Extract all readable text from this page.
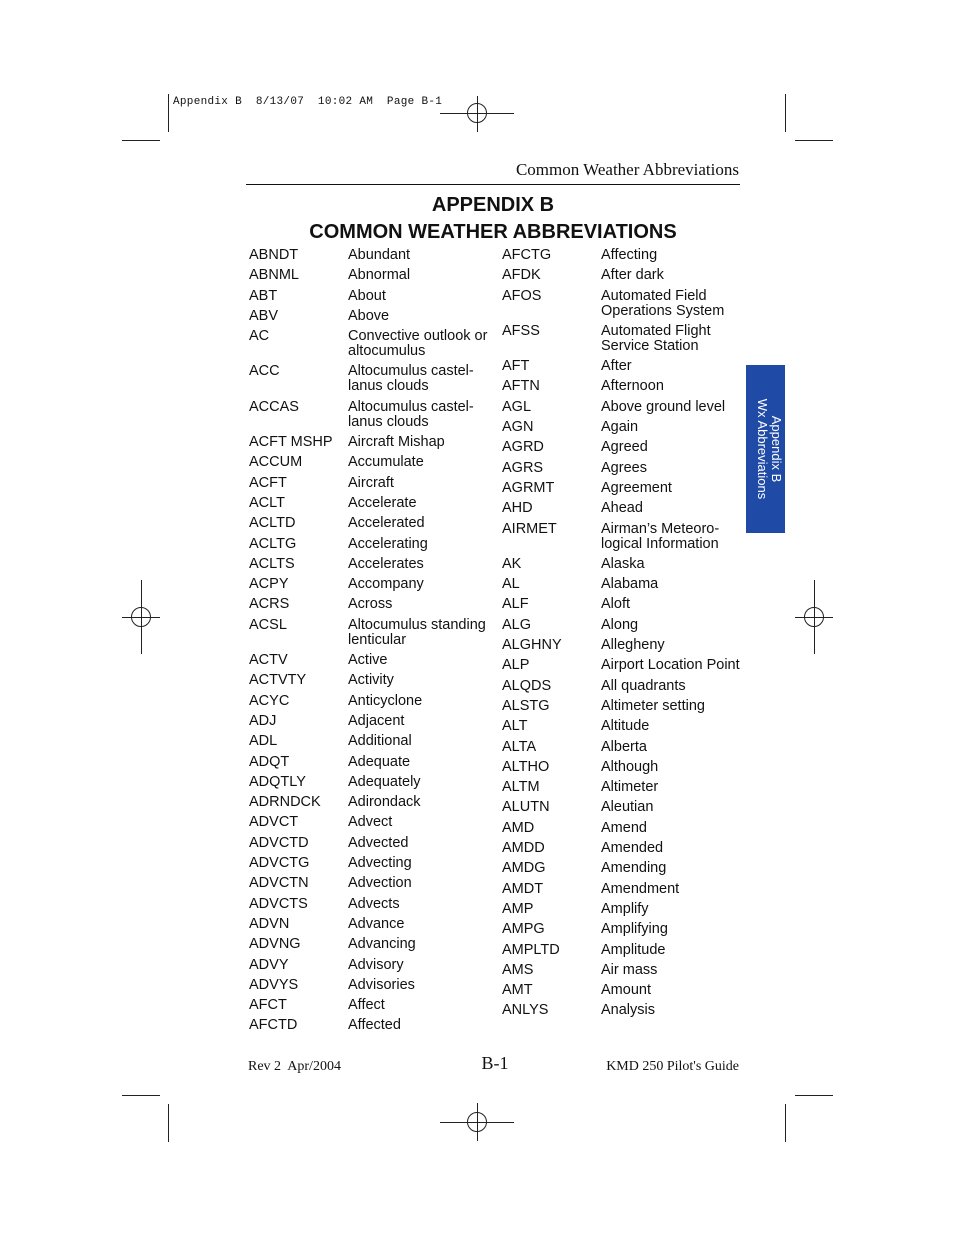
Appendix B  8/13/07  10:02 AM  Page B-1
Common Weather Abbreviations
APPENDIX B
COMMON WEATHER ABBREVIATIONS
ABNDT	Abundant
ABNML	Abnormal
ABT	About
ABV	Above
AC	Convective outlook or altocumulus
ACC	Altocumulus castel-lanus clouds
ACCAS	Altocumulus castel-lanus clouds
ACFT MSHP	Aircraft Mishap
ACCUM	Accumulate
ACFT	Aircraft
ACLT	Accelerate
ACLTD	Accelerated
ACLTG	Accelerating
ACLTS	Accelerates
ACPY	Accompany
ACRS	Across
ACSL	Altocumulus standing lenticular
ACTV	Active
ACTVTY	Activity
ACYC	Anticyclone
ADJ	Adjacent
ADL	Additional
ADQT	Adequate
ADQTLY	Adequately
ADRNDCK	Adirondack
ADVCT	Advect
ADVCTD	Advected
ADVCTG	Advecting
ADVCTN	Advection
ADVCTS	Advects
ADVN	Advance
ADVNG	Advancing
ADVY	Advisory
ADVYS	Advisories
AFCT	Affect
AFCTD	Affected
AFCTG	Affecting
AFDK	After dark
AFOS	Automated Field Operations System
AFSS	Automated Flight Service Station
AFT	After
AFTN	Afternoon
AGL	Above ground level
AGN	Again
AGRD	Agreed
AGRS	Agrees
AGRMT	Agreement
AHD	Ahead
AIRMET	Airman’s Meteoro-logical Information
AK	Alaska
AL	Alabama
ALF	Aloft
ALG	Along
ALGHNY	Allegheny
ALP	Airport Location Point
ALQDS	All quadrants
ALSTG	Altimeter setting
ALT	Altitude
ALTA	Alberta
ALTHO	Although
ALTM	Altimeter
ALUTN	Aleutian
AMD	Amend
AMDD	Amended
AMDG	Amending
AMDT	Amendment
AMP	Amplify
AMPG	Amplifying
AMPLTD	Amplitude
AMS	Air mass
AMT	Amount
ANLYS	Analysis
Appendix B
Wx Abbreviations
Rev 2  Apr/2004	B-1	KMD 250 Pilot's Guide
